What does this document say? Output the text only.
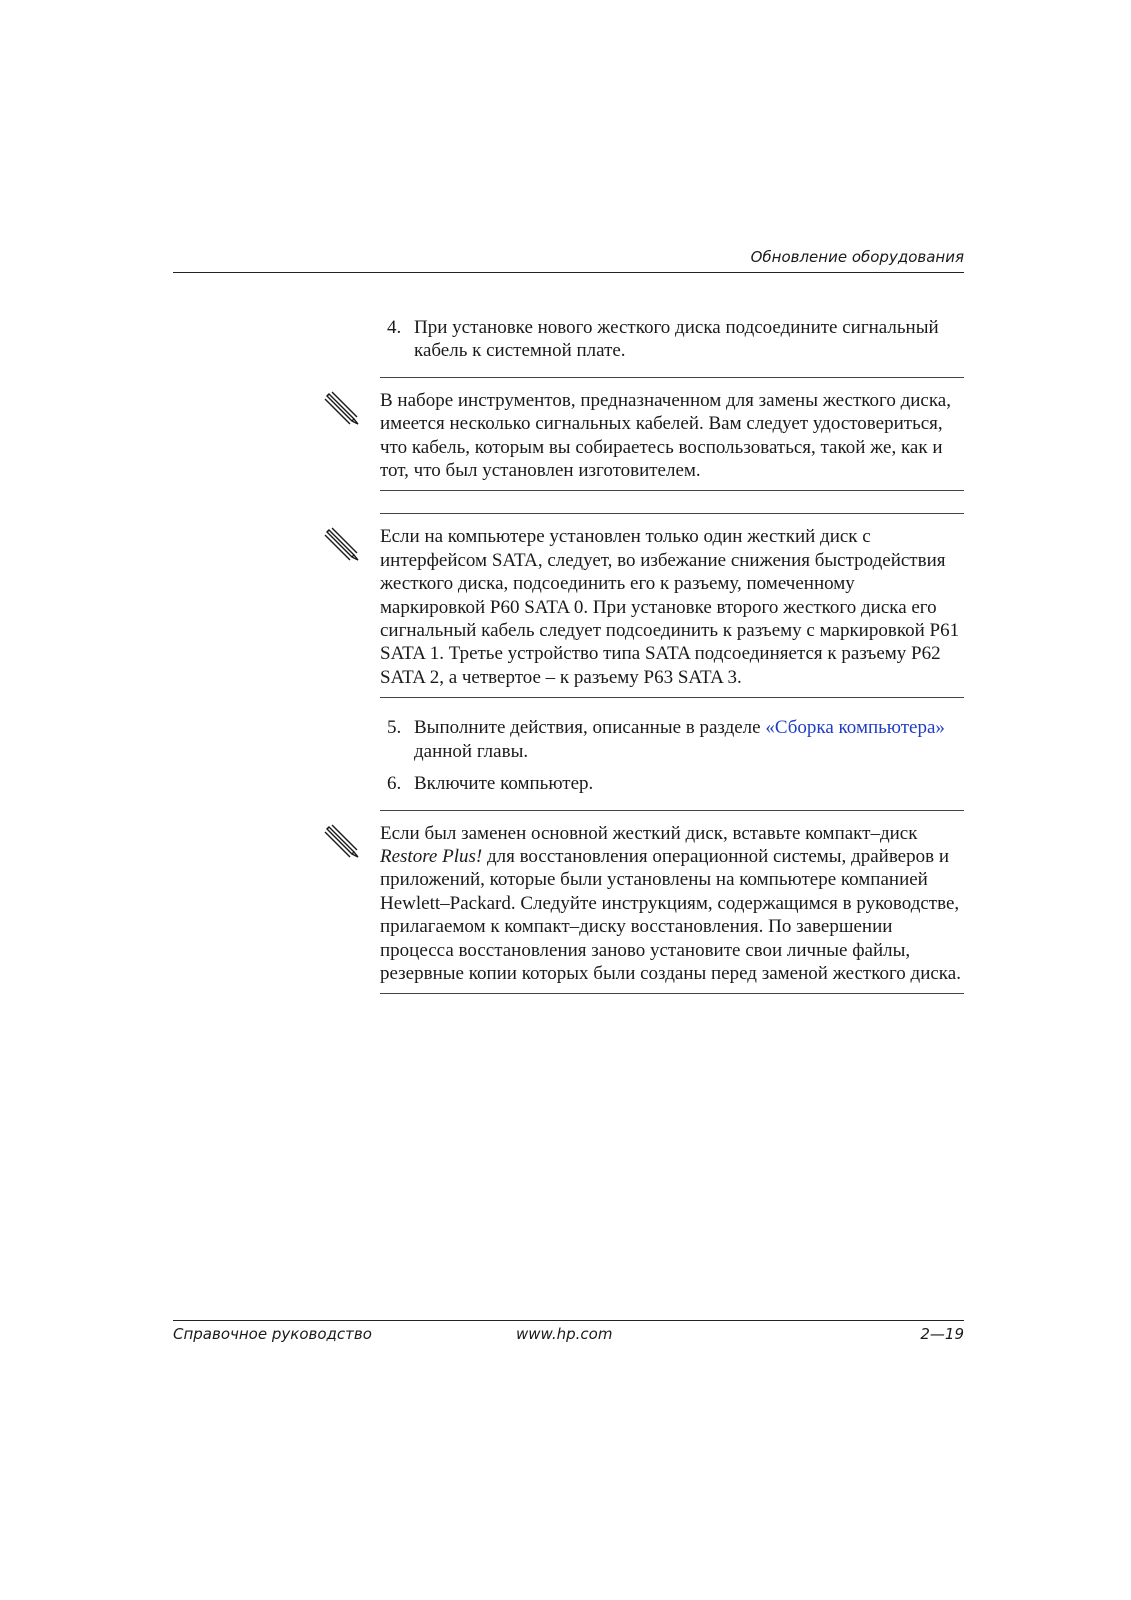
Обновление оборудования
4. При установке нового жесткого диска подсоедините сигнальный кабель к системной плате.
В наборе инструментов, предназначенном для замены жесткого диска, имеется несколько сигнальных кабелей. Вам следует удостовериться, что кабель, которым вы собираетесь воспользоваться, такой же, как и тот, что был установлен изготовителем.
Если на компьютере установлен только один жесткий диск с интерфейсом SATA, следует, во избежание снижения быстродействия жесткого диска, подсоединить его к разъему, помеченному маркировкой P60 SATA 0. При установке второго жесткого диска его сигнальный кабель следует подсоединить к разъему с маркировкой P61 SATA 1. Третье устройство типа SATA подсоединяется к разъему P62 SATA 2, а четвертое – к разъему P63 SATA 3.
5. Выполните действия, описанные в разделе «Сборка компьютера» данной главы.
6. Включите компьютер.
Если был заменен основной жесткий диск, вставьте компакт–диск Restore Plus! для восстановления операционной системы, драйверов и приложений, которые были установлены на компьютере компанией Hewlett–Packard. Следуйте инструкциям, содержащимся в руководстве, прилагаемом к компакт–диску восстановления. По завершении процесса восстановления заново установите свои личные файлы, резервные копии которых были созданы перед заменой жесткого диска.
Справочное руководство	www.hp.com	2—19
